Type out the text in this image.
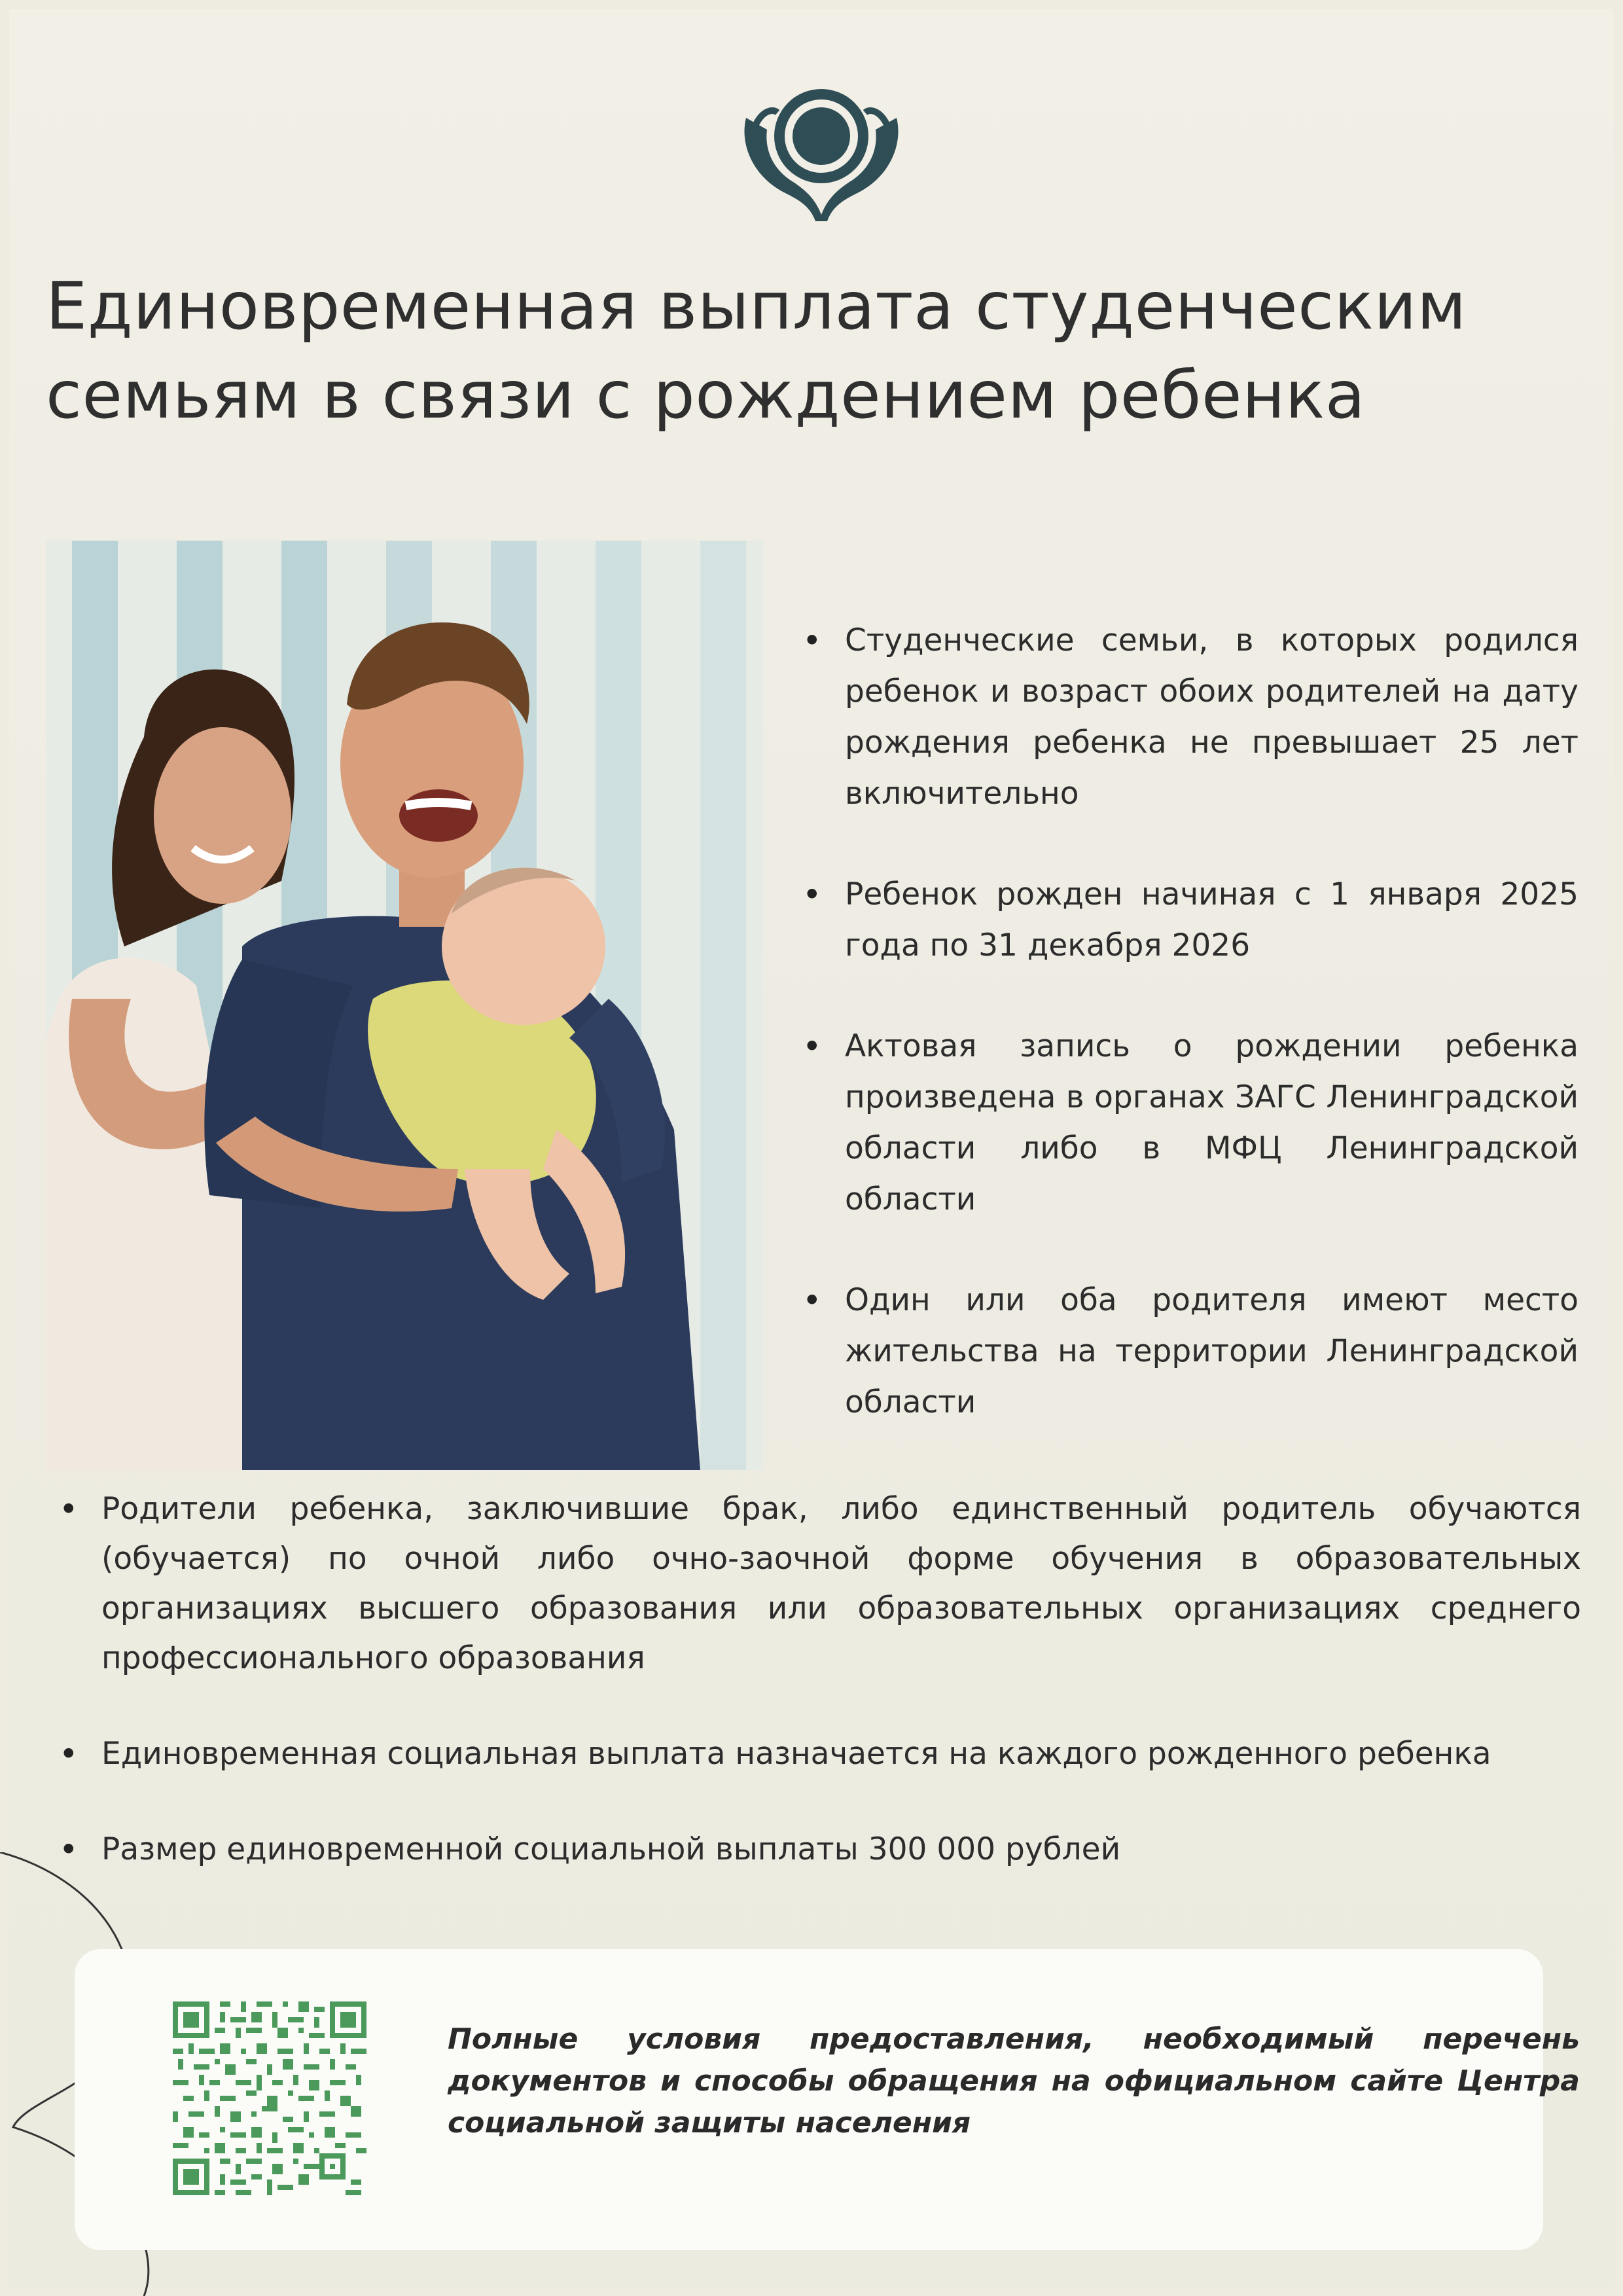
Единовременная выплата студенческим
семьям в связи с рождением ребенка
• Студенческие семьи, в которых родился ребенок и возраст обоих родителей на дату рождения ребенка не превышает 25 лет включительно
• Ребенок рожден начиная с 1 января 2025 года по 31 декабря 2026
• Актовая запись о рождении ребенка произведена в органах ЗАГС Ленинградской области либо в МФЦ Ленинградской области
• Один или оба родителя имеют место жительства на территории Ленинградской области
• Родители ребенка, заключившие брак, либо единственный родитель обучаются (обучается) по очной либо очно-заочной форме обучения в образовательных организациях высшего образования или образовательных организациях среднего профессионального образования
• Единовременная социальная выплата назначается на каждого рожденного ребенка
• Размер единовременной социальной выплаты 300 000 рублей
Полные условия предоставления, необходимый перечень документов и способы обращения на официальном сайте Центра социальной защиты населения
